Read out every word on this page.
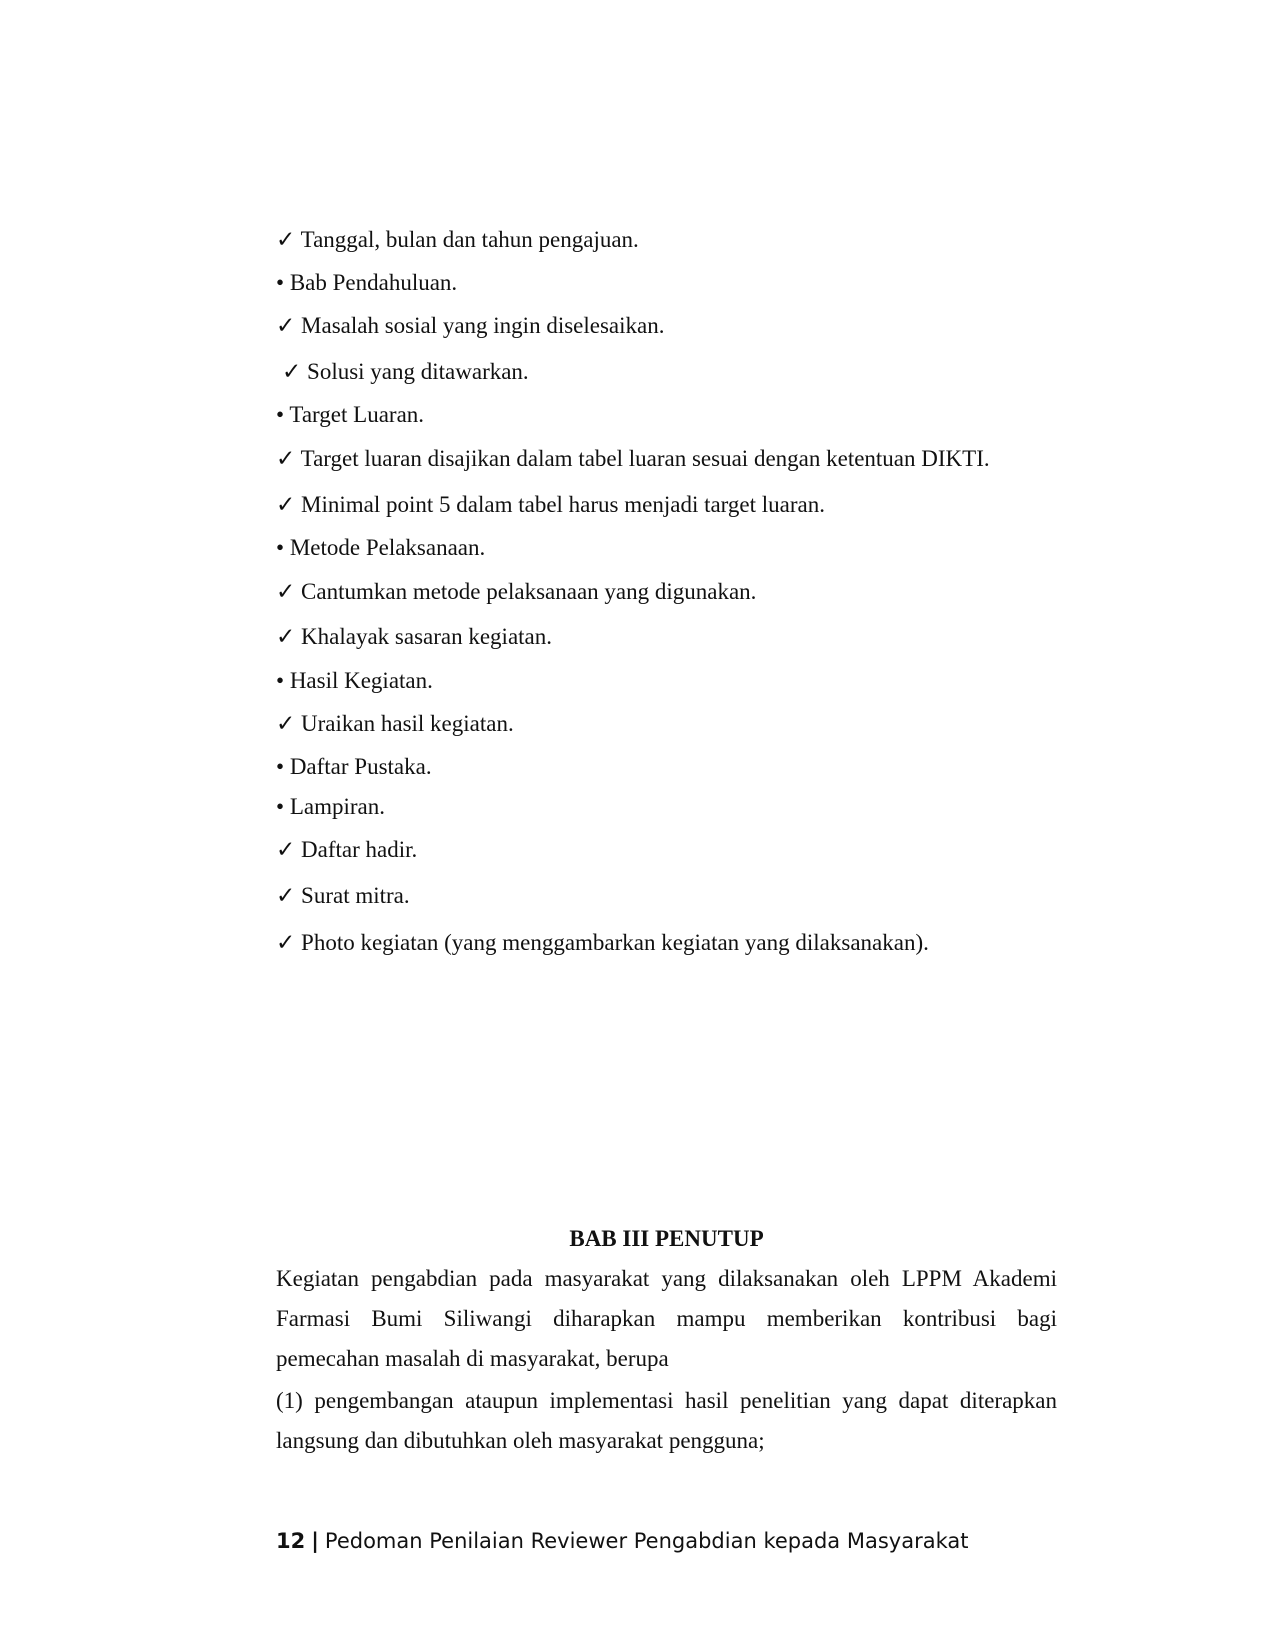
✓ Tanggal, bulan dan tahun pengajuan.
• Bab Pendahuluan.
✓ Masalah sosial yang ingin diselesaikan.
✓ Solusi yang ditawarkan.
• Target Luaran.
✓ Target luaran disajikan dalam tabel luaran sesuai dengan ketentuan DIKTI.
✓ Minimal point 5 dalam tabel harus menjadi target luaran.
• Metode Pelaksanaan.
✓ Cantumkan metode pelaksanaan yang digunakan.
✓ Khalayak sasaran kegiatan.
• Hasil Kegiatan.
✓ Uraikan hasil kegiatan.
• Daftar Pustaka.
• Lampiran.
✓ Daftar hadir.
✓ Surat mitra.
✓ Photo kegiatan (yang menggambarkan kegiatan yang dilaksanakan).
BAB III PENUTUP
Kegiatan pengabdian pada masyarakat yang dilaksanakan oleh LPPM Akademi Farmasi Bumi Siliwangi diharapkan mampu memberikan kontribusi bagi pemecahan masalah di masyarakat, berupa
(1) pengembangan ataupun implementasi hasil penelitian yang dapat diterapkan langsung dan dibutuhkan oleh masyarakat pengguna;
12 | Pedoman Penilaian Reviewer Pengabdian kepada Masyarakat
